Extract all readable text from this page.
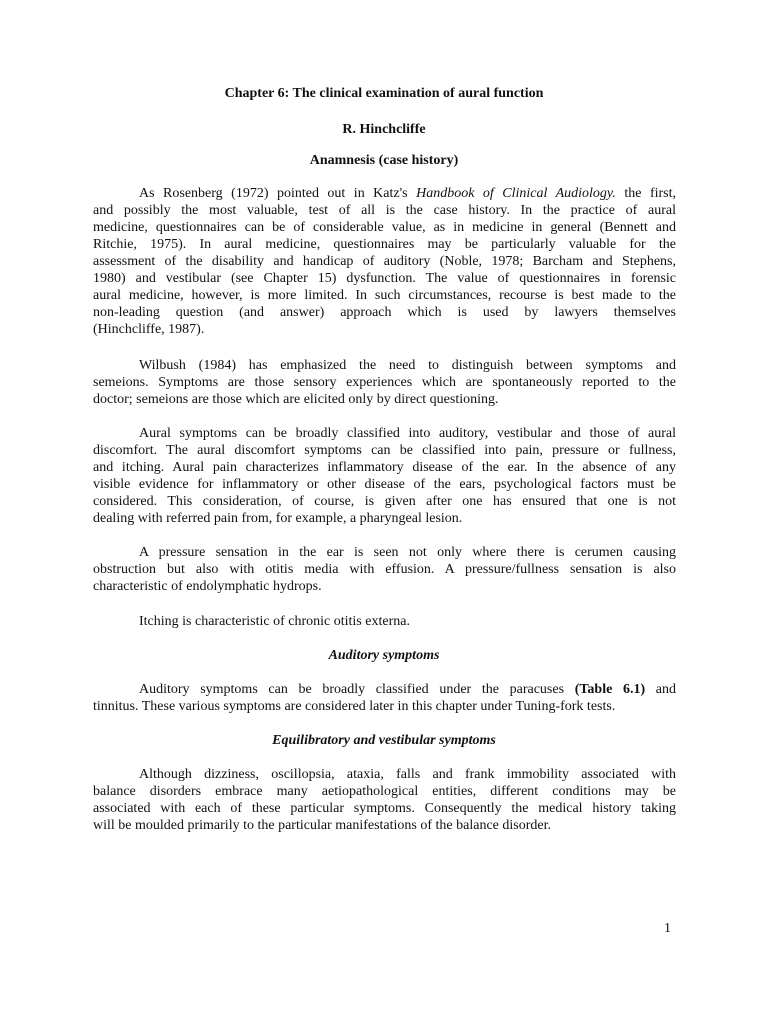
Chapter 6: The clinical examination of aural function
R. Hinchcliffe
Anamnesis (case history)
As Rosenberg (1972) pointed out in Katz's Handbook of Clinical Audiology. the first,
and possibly the most valuable, test of all is the case history. In the practice of aural
medicine, questionnaires can be of considerable value, as in medicine in general (Bennett and
Ritchie, 1975). In aural medicine, questionnaires may be particularly valuable for the
assessment of the disability and handicap of auditory (Noble, 1978; Barcham and Stephens,
1980) and vestibular (see Chapter 15) dysfunction. The value of questionnaires in forensic
aural medicine, however, is more limited. In such circumstances, recourse is best made to the
non-leading question (and answer) approach which is used by lawyers themselves
(Hinchcliffe, 1987).
Wilbush (1984) has emphasized the need to distinguish between symptoms and
semeions. Symptoms are those sensory experiences which are spontaneously reported to the
doctor; semeions are those which are elicited only by direct questioning.
Aural symptoms can be broadly classified into auditory, vestibular and those of aural
discomfort. The aural discomfort symptoms can be classified into pain, pressure or fullness,
and itching. Aural pain characterizes inflammatory disease of the ear. In the absence of any
visible evidence for inflammatory or other disease of the ears, psychological factors must be
considered. This consideration, of course, is given after one has ensured that one is not
dealing with referred pain from, for example, a pharyngeal lesion.
A pressure sensation in the ear is seen not only where there is cerumen causing
obstruction but also with otitis media with effusion. A pressure/fullness sensation is also
characteristic of endolymphatic hydrops.
Itching is characteristic of chronic otitis externa.
Auditory symptoms
Auditory symptoms can be broadly classified under the paracuses (Table 6.1) and
tinnitus. These various symptoms are considered later in this chapter under Tuning-fork tests.
Equilibratory and vestibular symptoms
Although dizziness, oscillopsia, ataxia, falls and frank immobility associated with
balance disorders embrace many aetiopathological entities, different conditions may be
associated with each of these particular symptoms. Consequently the medical history taking
will be moulded primarily to the particular manifestations of the balance disorder.
1
